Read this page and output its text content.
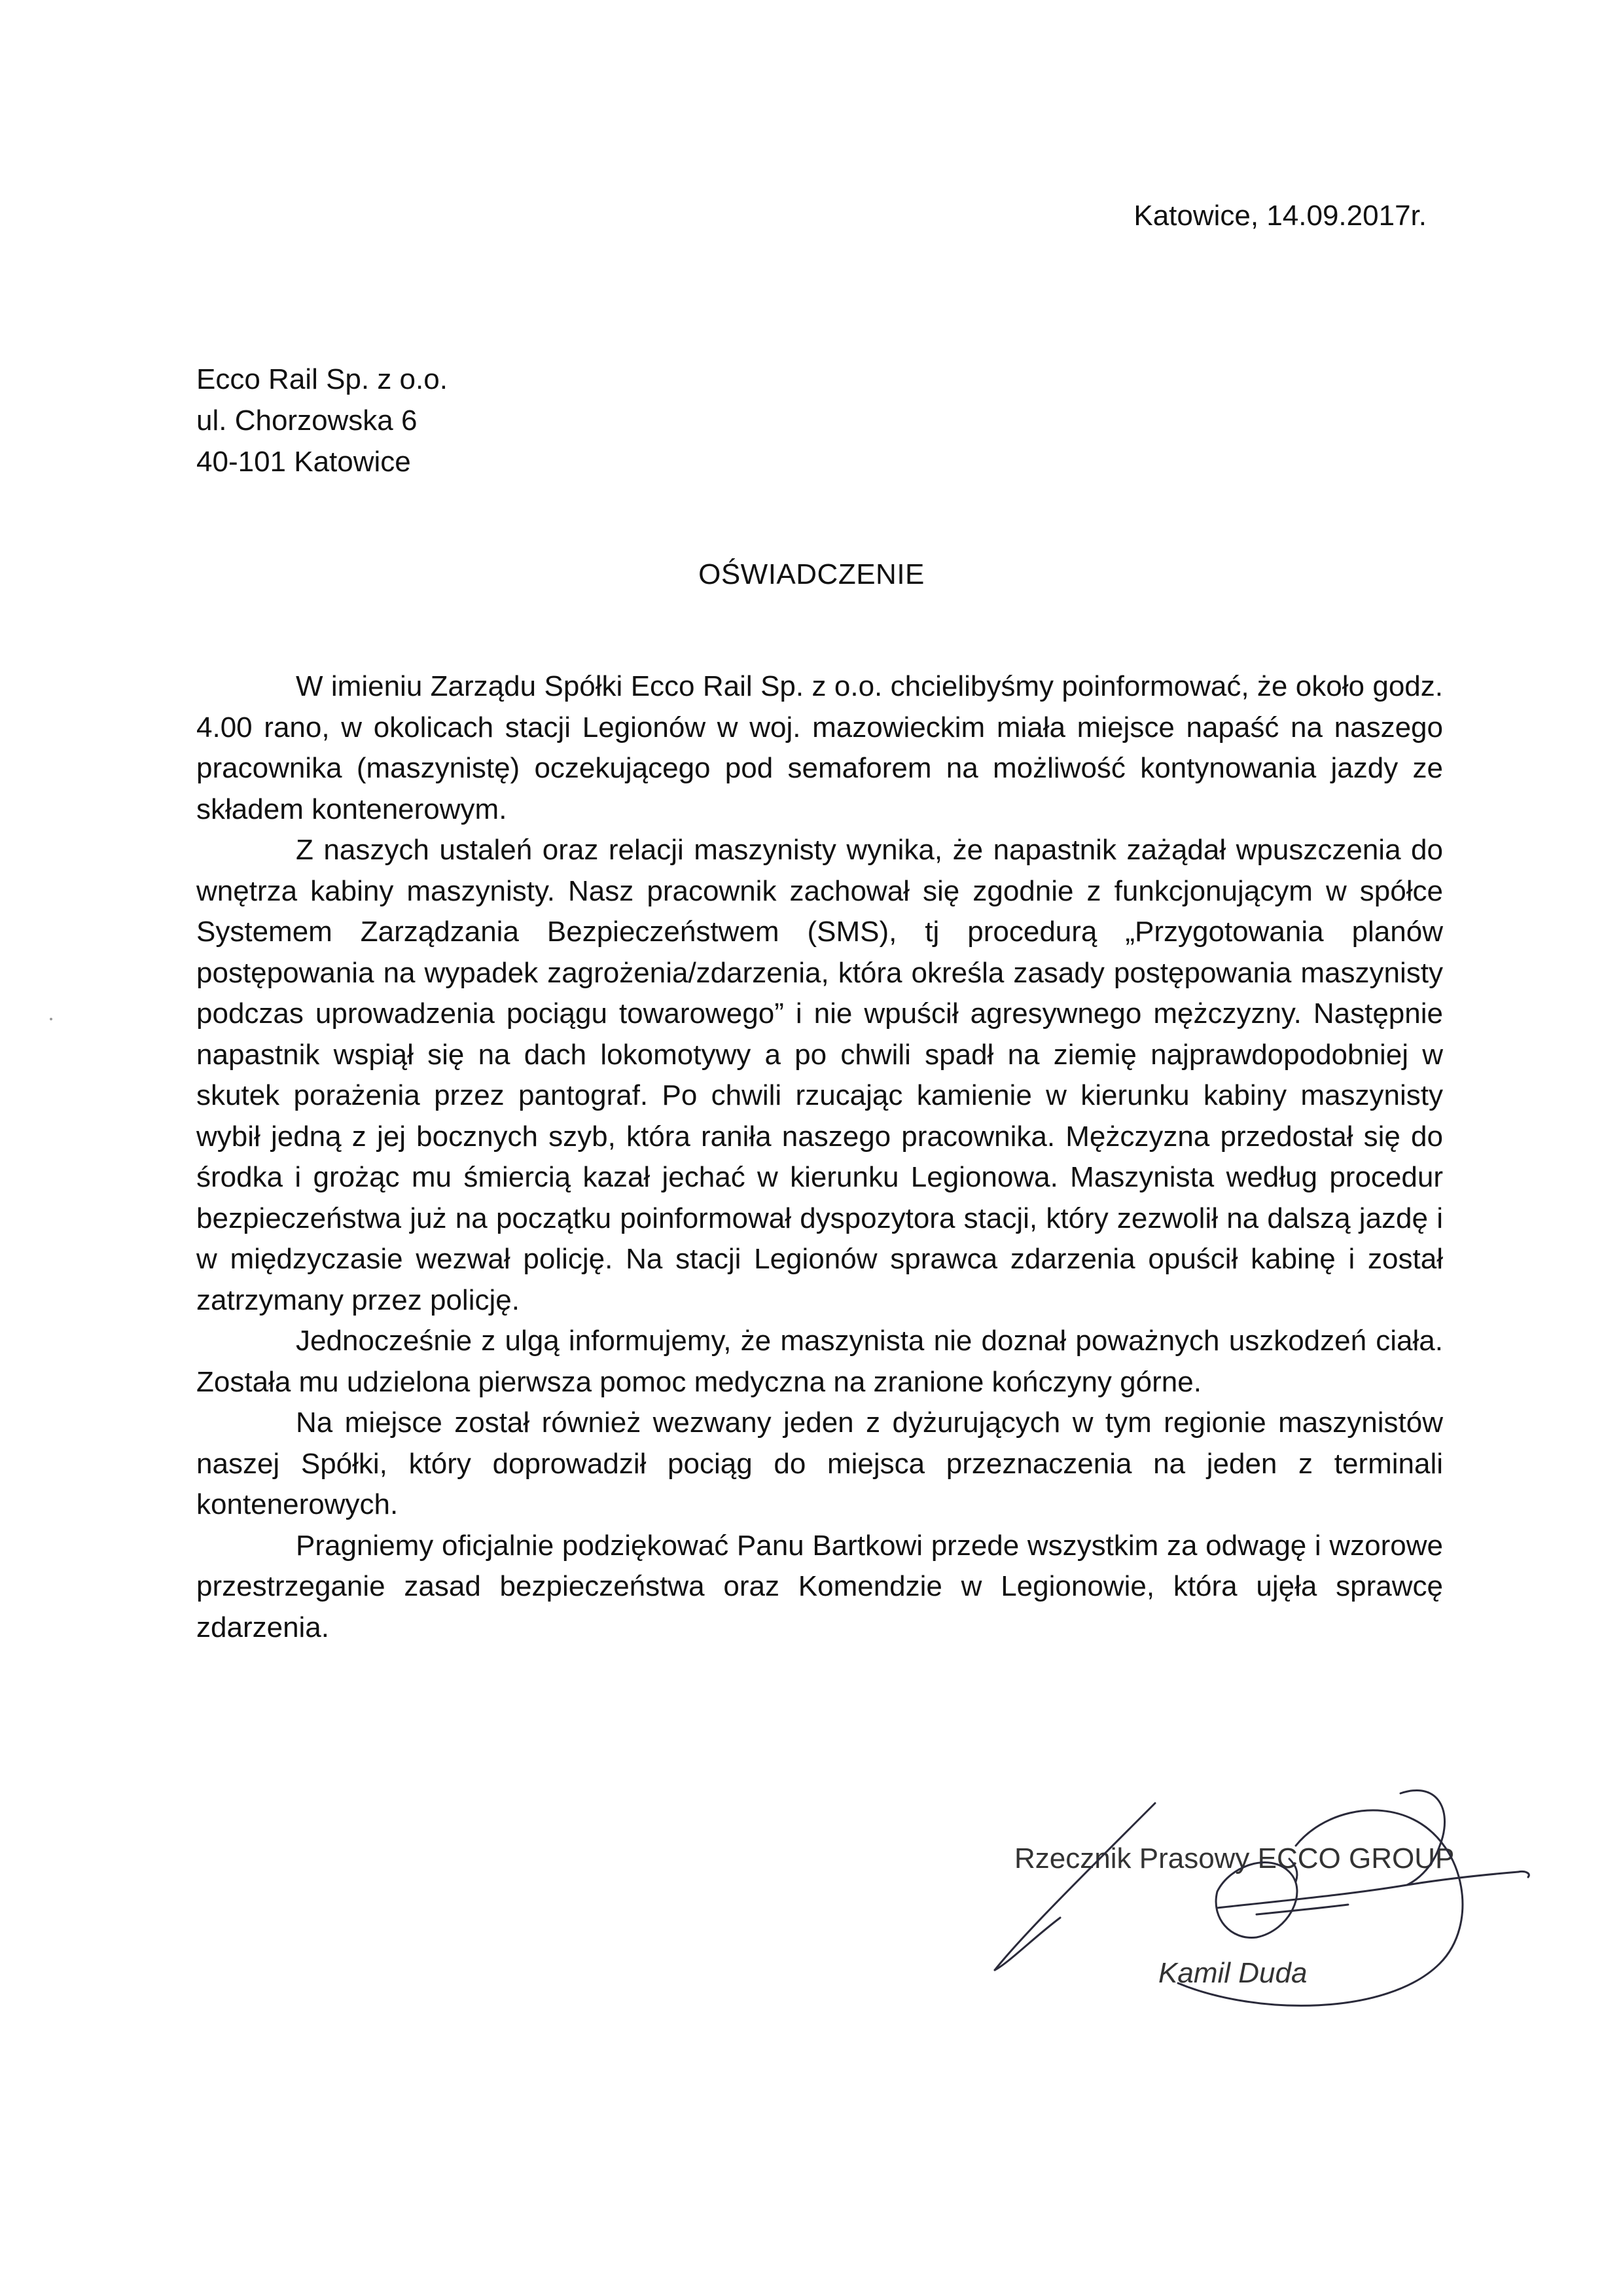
Katowice, 14.09.2017r.
Ecco Rail Sp. z o.o.
ul. Chorzowska 6
40-101 Katowice
OŚWIADCZENIE

W imieniu Zarządu Spółki Ecco Rail Sp. z o.o. chcielibyśmy poinformować, że około godz. 4.00 rano, w okolicach stacji Legionów w woj. mazowieckim miała miejsce napaść na naszego pracownika (maszynistę) oczekującego pod semaforem na możliwość kontynowania jazdy ze składem kontenerowym.

Z naszych ustaleń oraz relacji maszynisty wynika, że napastnik zażądał wpuszczenia do wnętrza kabiny maszynisty. Nasz pracownik zachował się zgodnie z funkcjonującym w spółce Systemem Zarządzania Bezpieczeństwem (SMS), tj procedurą „Przygotowania planów postępowania na wypadek zagrożenia/zdarzenia, która określa zasady postępowania maszynisty podczas uprowadzenia pociągu towarowego” i nie wpuścił agresywnego mężczyzny. Następnie napastnik wspiął się na dach lokomotywy a po chwili spadł na ziemię najprawdopodobniej w skutek porażenia przez pantograf. Po chwili rzucając kamienie w kierunku kabiny maszynisty wybił jedną z jej bocznych szyb, która raniła naszego pracownika. Mężczyzna przedostał się do środka i grożąc mu śmiercią kazał jechać w kierunku Legionowa. Maszynista według procedur bezpieczeństwa już na początku poinformował dyspozytora stacji, który zezwolił na dalszą jazdę i w międzyczasie wezwał policję. Na stacji Legionów sprawca zdarzenia opuścił kabinę i został zatrzymany przez policję.

Jednocześnie z ulgą informujemy, że maszynista nie doznał poważnych uszkodzeń ciała. Została mu udzielona pierwsza pomoc medyczna na zranione kończyny górne.

Na miejsce został również wezwany jeden z dyżurujących w tym regionie maszynistów naszej Spółki, który doprowadził pociąg do miejsca przeznaczenia na jeden z terminali kontenerowych.

Pragniemy oficjalnie podziękować Panu Bartkowi przede wszystkim za odwagę i wzorowe przestrzeganie zasad bezpieczeństwa oraz Komendzie w Legionowie, która ujęła sprawcę zdarzenia.

Rzecznik Prasowy ECCO GROUP
Kamil Duda
